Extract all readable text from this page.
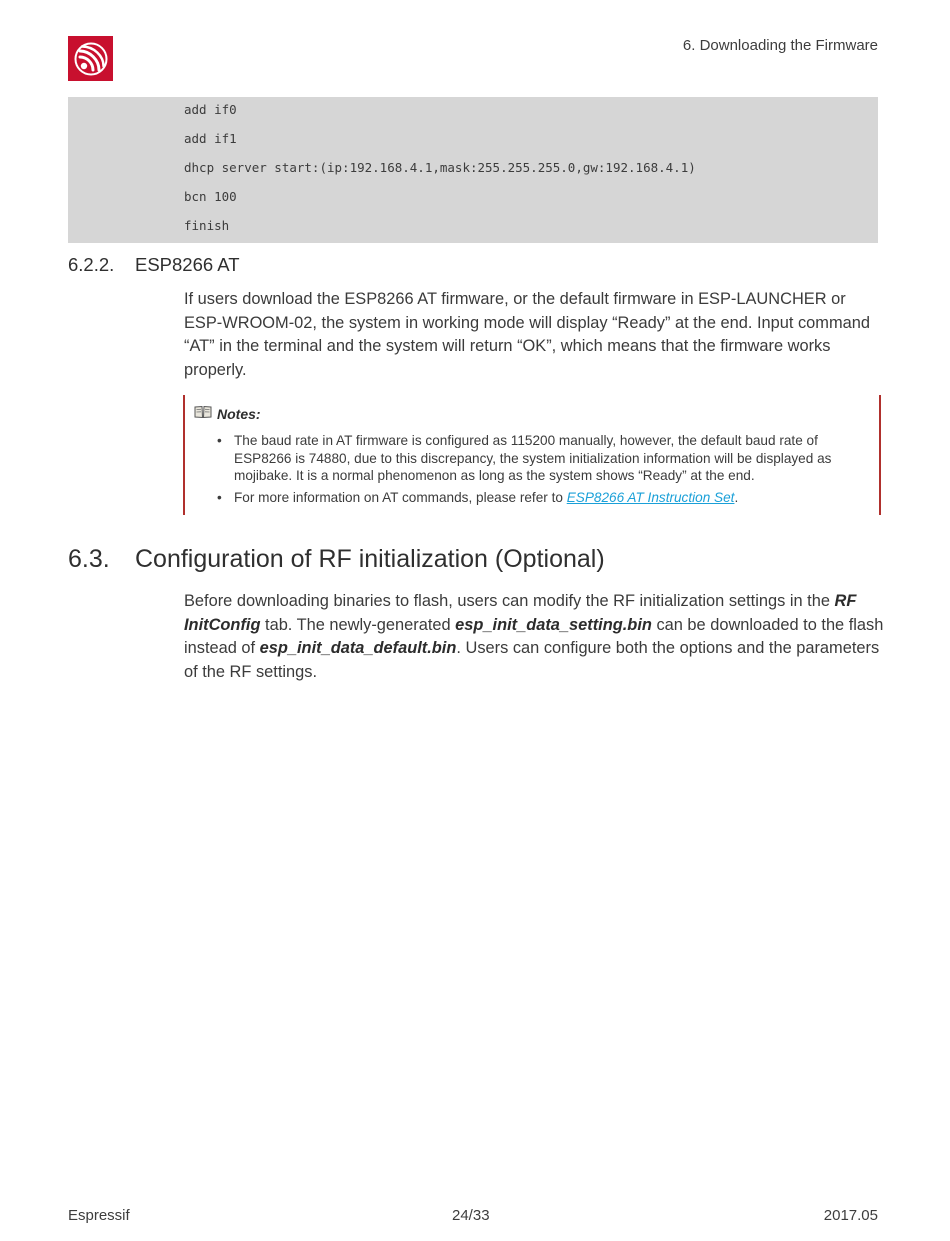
6. Downloading the Firmware
add if0
add if1
dhcp server start:(ip:192.168.4.1,mask:255.255.255.0,gw:192.168.4.1)
bcn 100
finish
6.2.2. ESP8266 AT
If users download the ESP8266 AT firmware, or the default firmware in ESP-LAUNCHER or ESP-WROOM-02, the system in working mode will display “Ready” at the end. Input command “AT” in the terminal and the system will return “OK”, which means that the firmware works properly.
Notes:
• The baud rate in AT firmware is configured as 115200 manually, however, the default baud rate of ESP8266 is 74880, due to this discrepancy, the system initialization information will be displayed as mojibake. It is a normal phenomenon as long as the system shows “Ready” at the end.
• For more information on AT commands, please refer to ESP8266 AT Instruction Set.
6.3. Configuration of RF initialization (Optional)
Before downloading binaries to flash, users can modify the RF initialization settings in the RF InitConfig tab. The newly-generated esp_init_data_setting.bin can be downloaded to the flash instead of esp_init_data_default.bin. Users can configure both the options and the parameters of the RF settings.
Espressif	24/33	2017.05
